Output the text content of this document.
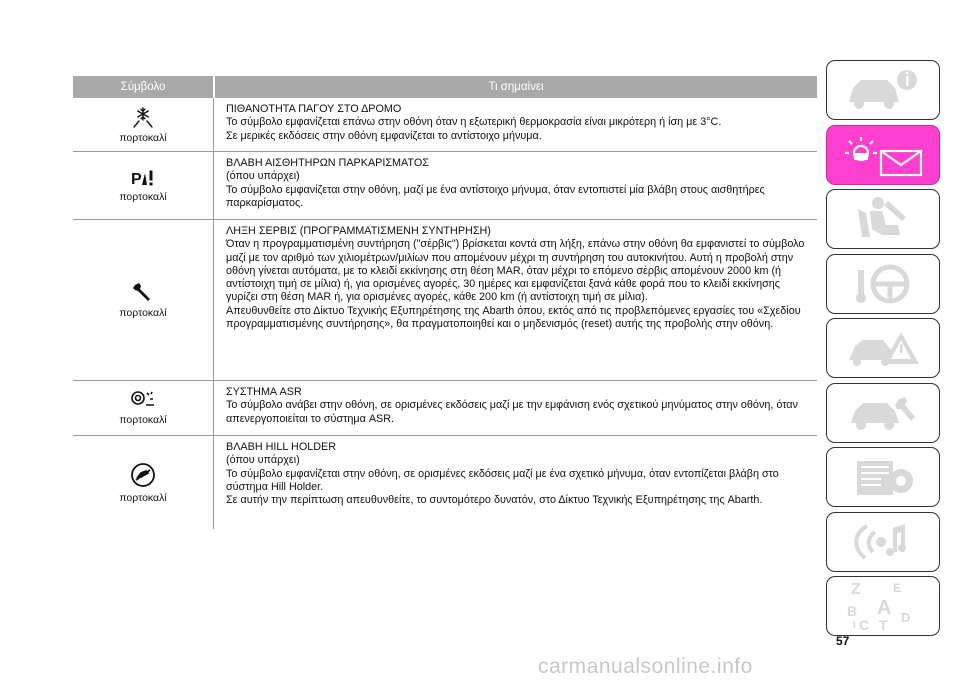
Σύμβολο	Τι σημαίνει
πορτοκαλί

ΠΙΘΑΝΟΤΗΤΑ ΠΑΓΟΥ ΣΤΟ ΔΡΟΜΟ

Το σύμβολο εμφανίζεται επάνω στην οθόνη όταν η εξωτερική θερμοκρασία είναι μικρότερη ή ίση με 3°C.

Σε μερικές εκδόσεις στην οθόνη εμφανίζεται το αντίστοιχο μήνυμα.

P
πορτοκαλί

ΒΛΑΒΗ ΑΙΣΘΗΤΗΡΩΝ ΠΑΡΚΑΡΙΣΜΑΤΟΣ

(όπου υπάρχει)

Το σύμβολο εμφανίζεται στην οθόνη, μαζί με ένα αντίστοιχο μήνυμα, όταν εντοπιστεί μία βλάβη στους αισθητήρες παρκαρίσματος.

πορτοκαλί

ΛΗΞΗ ΣΕΡΒΙΣ (ΠΡΟΓΡΑΜΜΑΤΙΣΜΕΝΗ ΣΥΝΤΗΡΗΣΗ)

Όταν η προγραμματισμένη συντήρηση ("σέρβις") βρίσκεται κοντά στη λήξη, επάνω στην οθόνη θα εμφανιστεί το σύμβολο μαζί με τον αριθμό των χιλιομέτρων/μιλίων που απομένουν μέχρι τη συντήρηση του αυτοκινήτου. Αυτή η προβολή στην οθόνη γίνεται αυτόματα, με το κλειδί εκκίνησης στη θέση MAR, όταν μέχρι το επόμενο σέρβις απομένουν 2000 km (ή αντίστοιχη τιμή σε μίλια) ή, για ορισμένες αγορές, 30 ημέρες και εμφανίζεται ξανά κάθε φορά που το κλειδί εκκίνησης γυρίζει στη θέση MAR ή, για ορισμένες αγορές, κάθε 200 km (ή αντίστοιχη τιμή σε μίλια).

Απευθυνθείτε στο Δίκτυο Τεχνικής Εξυπηρέτησης της Abarth όπου, εκτός από τις προβλεπόμενες εργασίες του «Σχεδίου προγραμματισμένης συντήρησης», θα πραγματοποιηθεί και ο μηδενισμός (reset) αυτής της προβολής στην οθόνη.

πορτοκαλί

ΣΥΣΤΗΜΑ ASR

Το σύμβολο ανάβει στην οθόνη, σε ορισμένες εκδόσεις μαζί με την εμφάνιση ενός σχετικού μηνύματος στην οθόνη, όταν απενεργοποιείται το σύστημα ASR.

πορτοκαλί

ΒΛΑΒΗ HILL HOLDER

(όπου υπάρχει)

Το σύμβολο εμφανίζεται στην οθόνη, σε ορισμένες εκδόσεις μαζί με ένα σχετικό μήνυμα, όταν εντοπίζεται βλάβη στο σύστημα Hill Holder.

Σε αυτήν την περίπτωση απευθυνθείτε, το συντομότερο δυνατόν, στο Δίκτυο Τεχνικής Εξυπηρέτησης της Abarth.

Z	E
B A
C T D
I
57
carmanualsonline.info
